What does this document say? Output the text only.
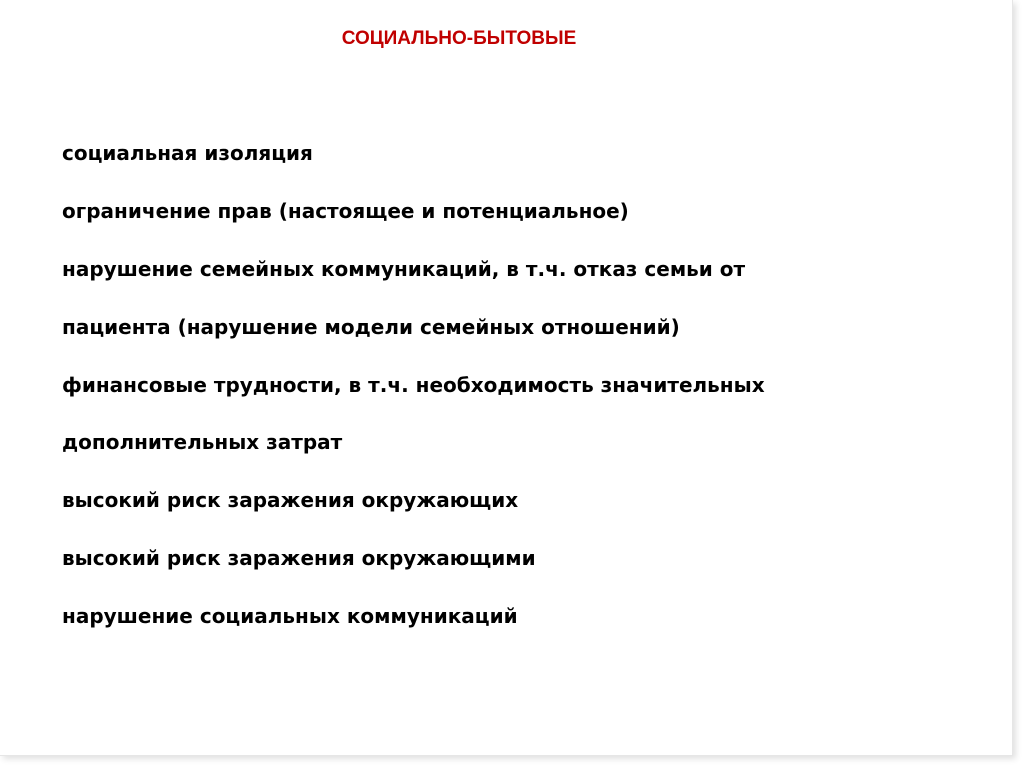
СОЦИАЛЬНО-БЫТОВЫЕ
социальная изоляция
ограничение прав (настоящее и потенциальное)
нарушение семейных коммуникаций, в т.ч. отказ семьи от
пациента (нарушение модели семейных отношений)
финансовые трудности, в т.ч. необходимость значительных
дополнительных затрат
высокий риск заражения окружающих
высокий риск заражения окружающими
нарушение социальных коммуникаций
